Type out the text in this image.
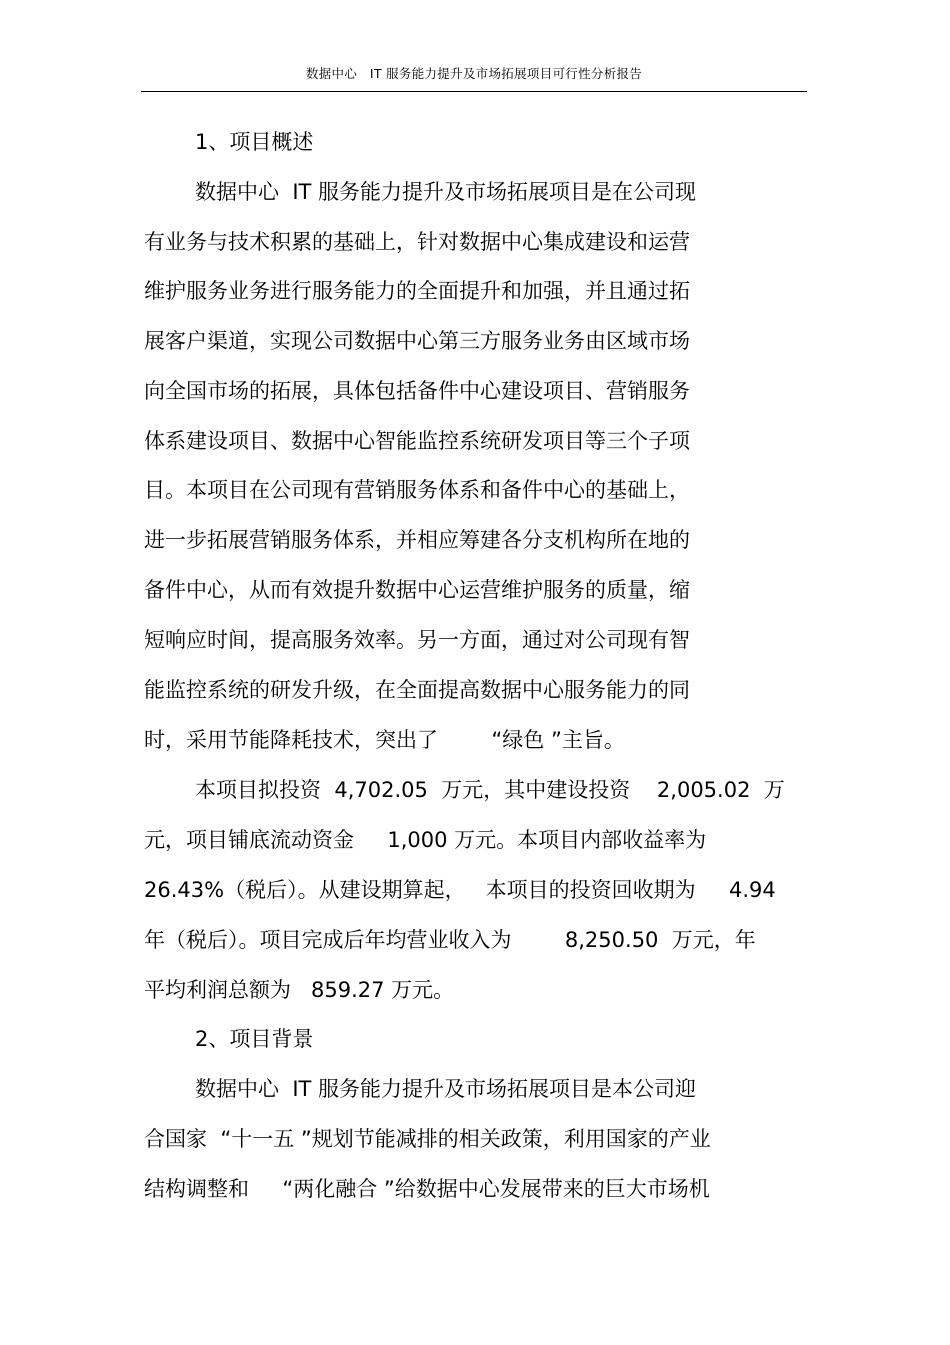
数据中心   IT 服务能力提升及市场拓展项目可行性分析报告
1、项目概述
数据中心  IT 服务能力提升及市场拓展项目是在公司现
有业务与技术积累的基础上，针对数据中心集成建设和运营
维护服务业务进行服务能力的全面提升和加强，并且通过拓
展客户渠道，实现公司数据中心第三方服务业务由区域市场
向全国市场的拓展，具体包括备件中心建设项目、营销服务
体系建设项目、数据中心智能监控系统研发项目等三个子项
目。本项目在公司现有营销服务体系和备件中心的基础上，
进一步拓展营销服务体系，并相应筹建各分支机构所在地的
备件中心，从而有效提升数据中心运营维护服务的质量，缩
短响应时间，提高服务效率。另一方面，通过对公司现有智
能监控系统的研发升级，在全面提高数据中心服务能力的同
时，采用节能降耗技术，突出了        “绿色 ”主旨。
本项目拟投资  4,702.05  万元，其中建设投资    2,005.02  万
元，项目铺底流动资金     1,000 万元。本项目内部收益率为
26.43%（税后）。从建设期算起，   本项目的投资回收期为     4.94
年（税后）。项目完成后年均营业收入为        8,250.50  万元，年
平均利润总额为   859.27 万元。
2、项目背景
数据中心  IT 服务能力提升及市场拓展项目是本公司迎
合国家  “十一五 ”规划节能减排的相关政策，利用国家的产业
结构调整和     “两化融合 ”给数据中心发展带来的巨大市场机
